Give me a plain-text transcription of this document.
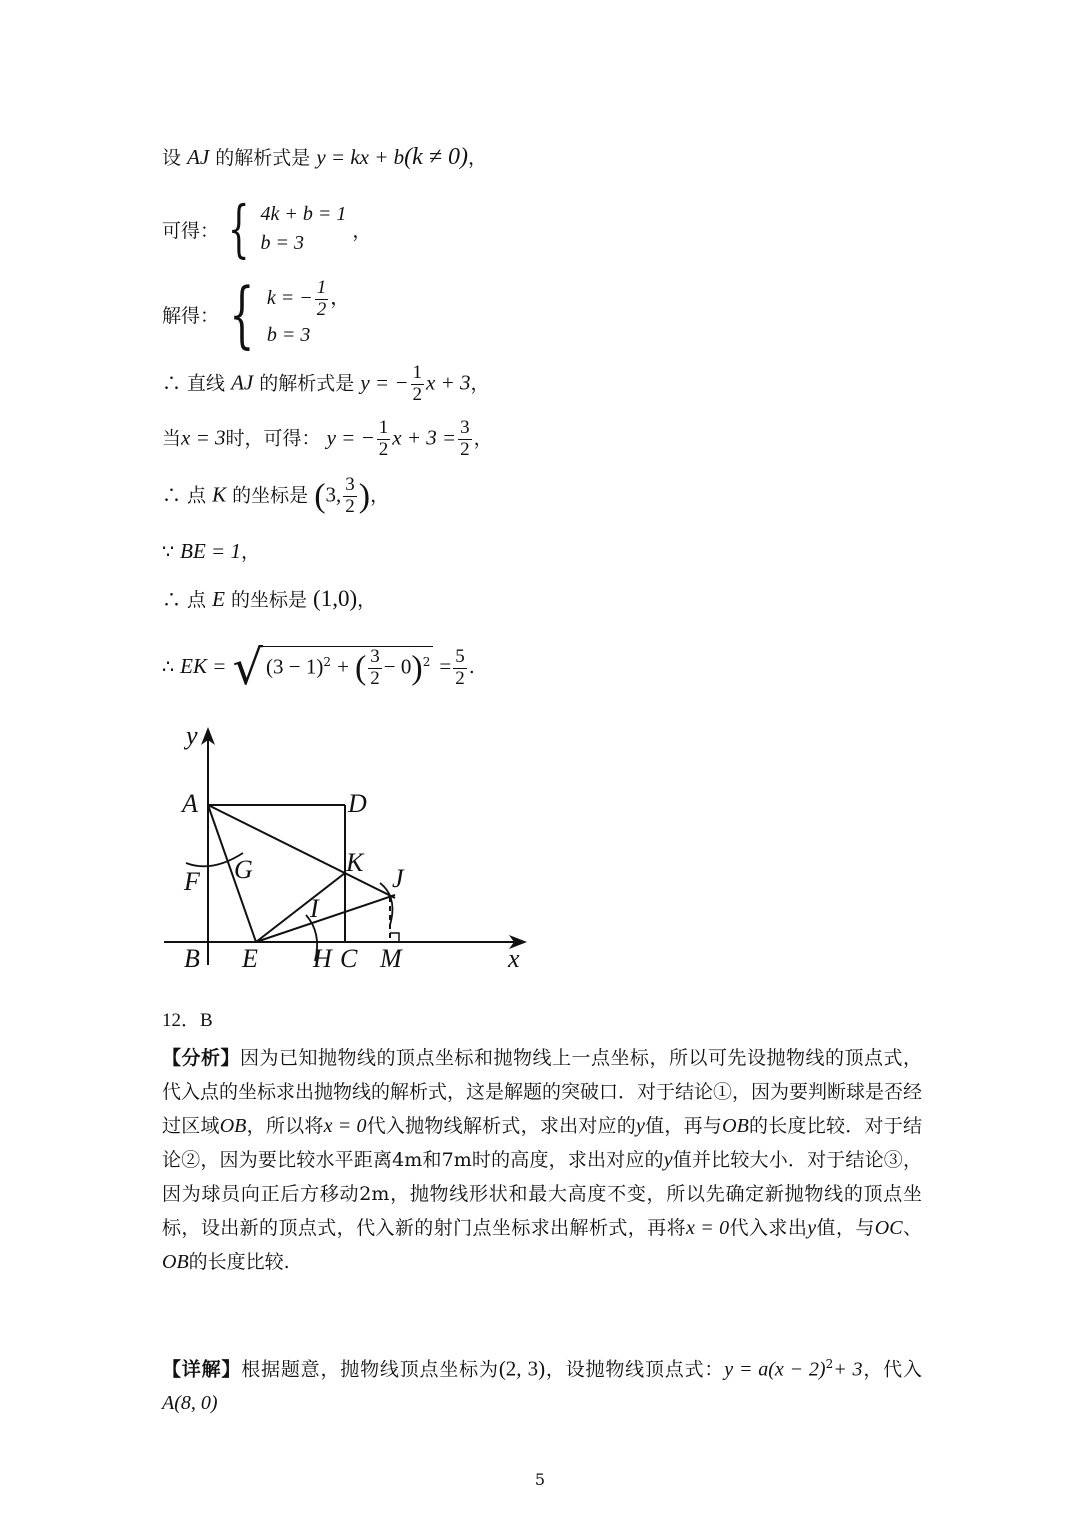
设 AJ 的解析式是 y = kx + b(k ≠ 0)，
可得： { 4k + b = 1
b = 3
，
解得： { k = − $\frac{1}{2}$ ，
b = 3
∴ 直线 AJ 的解析式是 y = − $\frac{1}{2}$ x + 3，
当x = 3时，可得： y = − $\frac{1}{2}$ $x + 3 = \frac{3}{2}$ ，
∴ 点 K 的坐标是 (3, $\frac{3}{2}$ )，
∵ BE = 1，
∴ 点 E 的坐标是 (1,0)，
∴ EK = √ $(3 - 1)^2$ + ( $\frac{3}{2} - 0)^2 = \frac{5}{2}$ .
y
x
A	D
K
J
G
F
I
B E H C M
12．B
【分析】因为已知抛物线的顶点坐标和抛物线上一点坐标，所以可先设抛物线的顶点式，代入点的坐标求出抛物线的解析式，这是解题的突破口．对于结论①，因为要判断球是否经过区域OB，所以将x = 0代入抛物线解析式，求出对应的y值，再与OB的长度比较．对于结论②，因为要比较水平距离4m和7m时的高度，求出对应的y值并比较大小．对于结论③，因为球员向正后方移动2m，抛物线形状和最大高度不变，所以先确定新抛物线的顶点坐标，设出新的顶点式，代入新的射门点坐标求出解析式，再将x = 0代入求出y值，与OC、OB的长度比较.
【详解】根据题意，抛物线顶点坐标为(2, 3)，设抛物线顶点式：$y = a(x - 2)^2+ 3$，代入A(8, 0)
5
